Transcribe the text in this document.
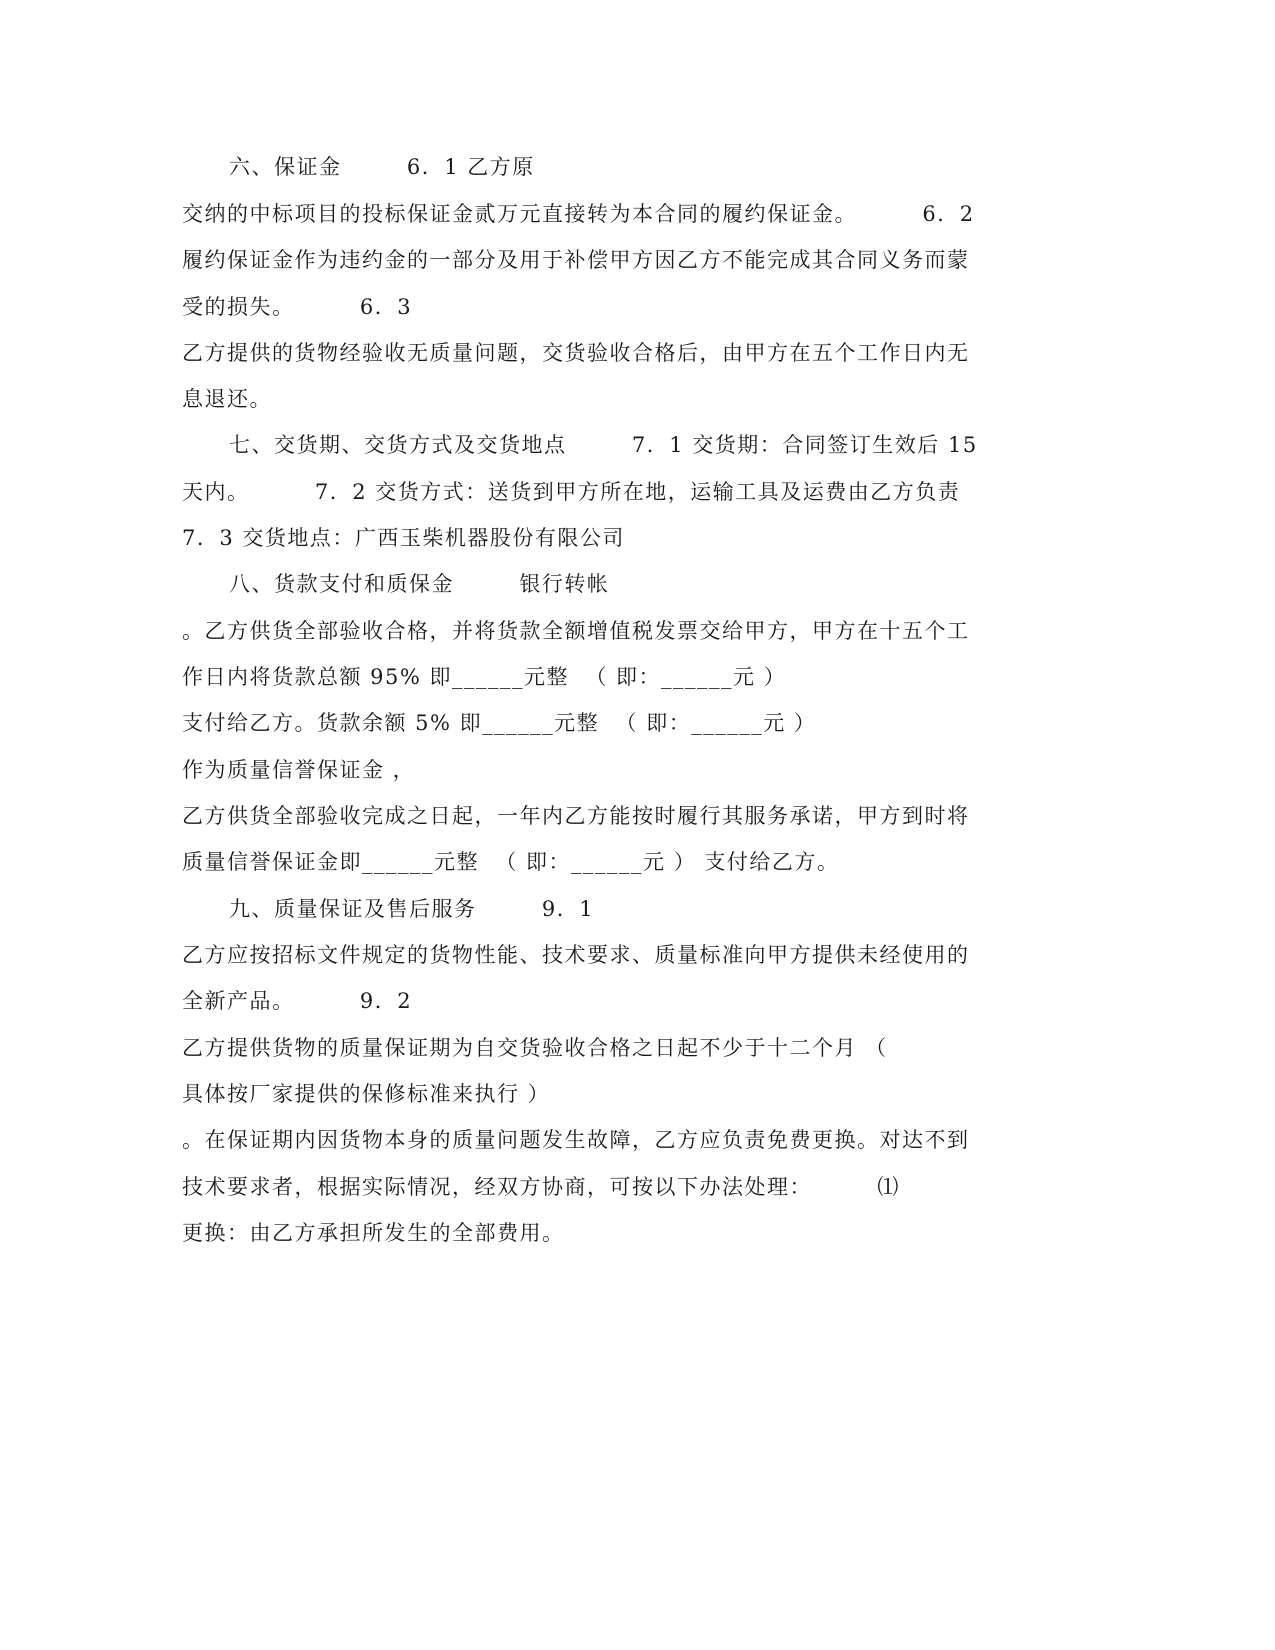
六、保证金        6．1 乙方原
交纳的中标项目的投标保证金贰万元直接转为本合同的履约保证金。        6．2
履约保证金作为违约金的一部分及用于补偿甲方因乙方不能完成其合同义务而蒙
受的损失。        6．3
乙方提供的货物经验收无质量问题，交货验收合格后，由甲方在五个工作日内无
息退还。
七、交货期、交货方式及交货地点        7．1 交货期：合同签订生效后 15
天内。        7．2 交货方式：送货到甲方所在地，运输工具及运费由乙方负责
7．3 交货地点：广西玉柴机器股份有限公司
八、货款支付和质保金        银行转帐
。乙方供货全部验收合格，并将货款全额增值税发票交给甲方，甲方在十五个工
作日内将货款总额 95% 即______元整  （ 即：______元 ）
支付给乙方。货款余额 5% 即______元整  （ 即：______元 ）
作为质量信誉保证金 ，
乙方供货全部验收完成之日起，一年内乙方能按时履行其服务承诺，甲方到时将
质量信誉保证金即______元整  （ 即：______元 ） 支付给乙方。
九、质量保证及售后服务        9．1
乙方应按招标文件规定的货物性能、技术要求、质量标准向甲方提供未经使用的
全新产品。        9．2
乙方提供货物的质量保证期为自交货验收合格之日起不少于十二个月 （
具体按厂家提供的保修标准来执行 ）
。在保证期内因货物本身的质量问题发生故障，乙方应负责免费更换。对达不到
技术要求者，根据实际情况，经双方协商，可按以下办法处理：        ⑴
更换：由乙方承担所发生的全部费用。
